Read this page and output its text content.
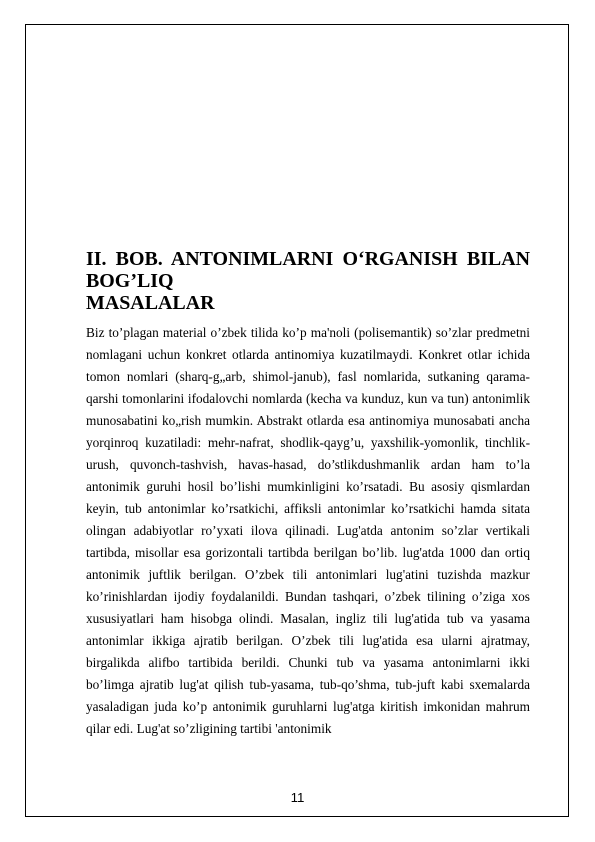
II. BOB. ANTONIMLARNI O‘RGANISH BILAN BOG’LIQ
MASALALAR

Biz to’plagan material o’zbek tilida ko’p ma'noli (polisemantik) so’zlar predmetni nomlagani uchun konkret otlarda antinomiya kuzatilmaydi. Konkret otlar ichida tomon nomlari (sharq-g„arb, shimol-janub), fasl nomlarida, sutkaning qarama-qarshi tomonlarini ifodalovchi nomlarda (kecha va kunduz, kun va tun) antonimlik munosabatini ko„rish mumkin. Abstrakt otlarda esa antinomiya munosabati ancha yorqinroq kuzatiladi: mehr-nafrat, shodlik-qayg’u, yaxshilik-yomonlik, tinchlik-urush, quvonch-tashvish, havas-hasad, do’stlikdushmanlik ardan ham to’la antonimik guruhi hosil bo’lishi mumkinligini ko’rsatadi. Bu asosiy qismlardan keyin, tub antonimlar ko’rsatkichi, affiksli antonimlar ko’rsatkichi hamda sitata olingan adabiyotlar ro’yxati ilova qilinadi. Lug'atda antonim so’zlar vertikali tartibda, misollar esa gorizontali tartibda berilgan bo’lib. lug'atda 1000 dan ortiq antonimik juftlik berilgan. O’zbek tili antonimlari lug'atini tuzishda mazkur ko’rinishlardan ijodiy foydalanildi. Bundan tashqari, o’zbek tilining o’ziga xos xususiyatlari ham hisobga olindi. Masalan, ingliz tili lug'atida tub va yasama antonimlar ikkiga ajratib berilgan. O’zbek tili lug'atida esa ularni ajratmay, birgalikda alifbo tartibida berildi. Chunki tub va yasama antonimlarni ikki bo’limga ajratib lug'at qilish tub-yasama, tub-qo’shma, tub-juft kabi sxemalarda yasaladigan juda ko’p antonimik guruhlarni lug'atga kiritish imkonidan mahrum qilar edi. Lug'at so’zligining tartibi 'antonimik

11
